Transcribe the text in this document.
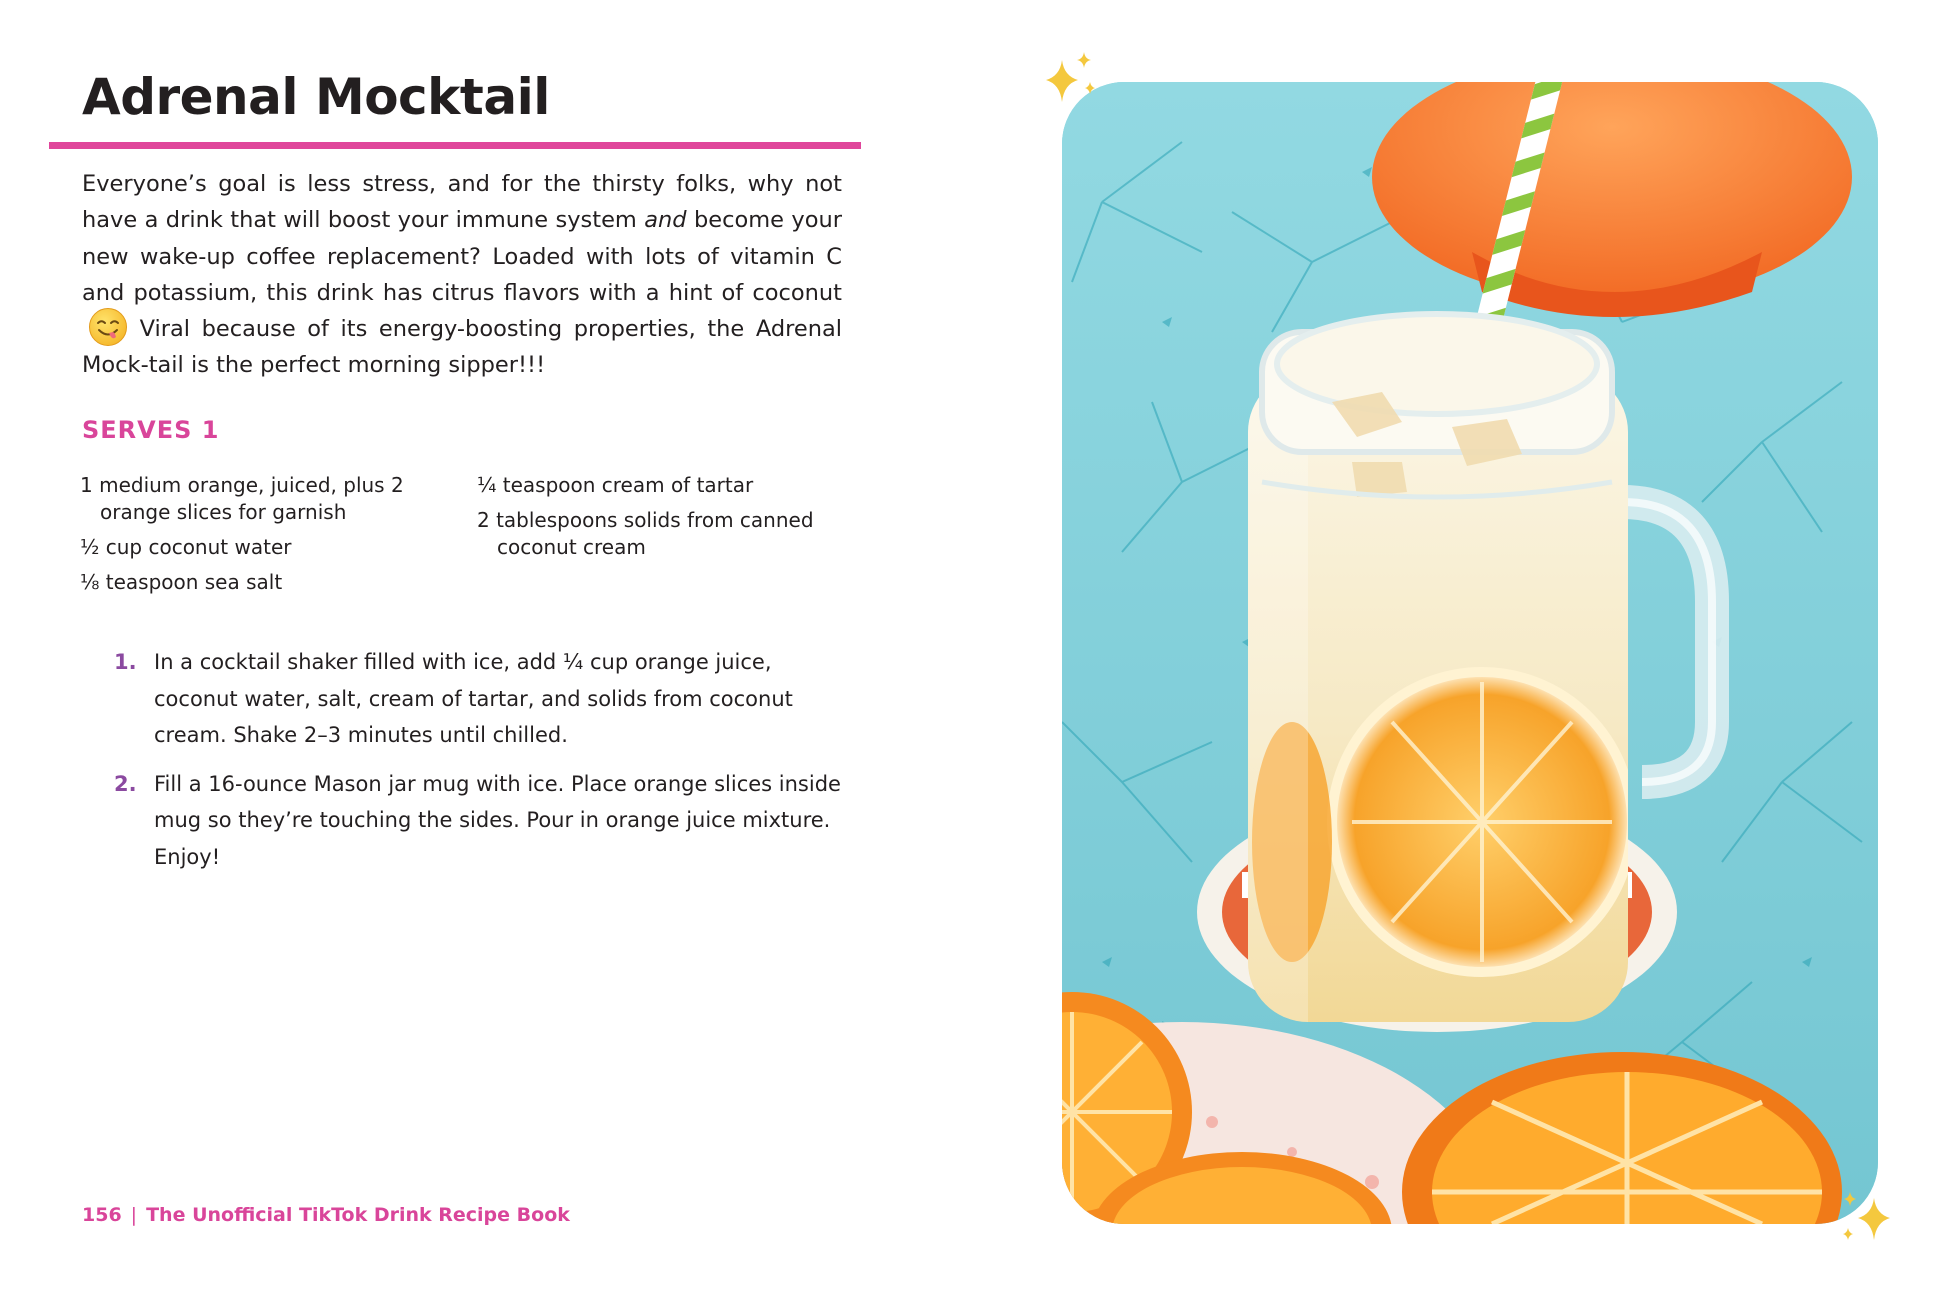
Adrenal Mocktail

Everyone’s goal is less stress, and for the thirsty folks, why not have a drink that will boost your immune system and become your new wake-up coffee replacement? Loaded with lots of vitamin C and potassium, this drink has citrus flavors with a hint of coconut Viral because of its energy-boosting properties, the Adrenal Mock-tail is the perfect morning sipper!!!

SERVES 1
1 medium orange, juiced, plus 2 orange slices for garnish
½ cup coconut water
⅛ teaspoon sea salt
¼ teaspoon cream of tartar
2 tablespoons solids from canned coconut cream
1. In a cocktail shaker filled with ice, add ¼ cup orange juice, coconut water, salt, cream of tartar, and solids from coconut cream. Shake 2–3 minutes until chilled.
2. Fill a 16-ounce Mason jar mug with ice. Place orange slices inside mug so they’re touching the sides. Pour in orange juice mixture. Enjoy!
156 | The Unofficial TikTok Drink Recipe Book
